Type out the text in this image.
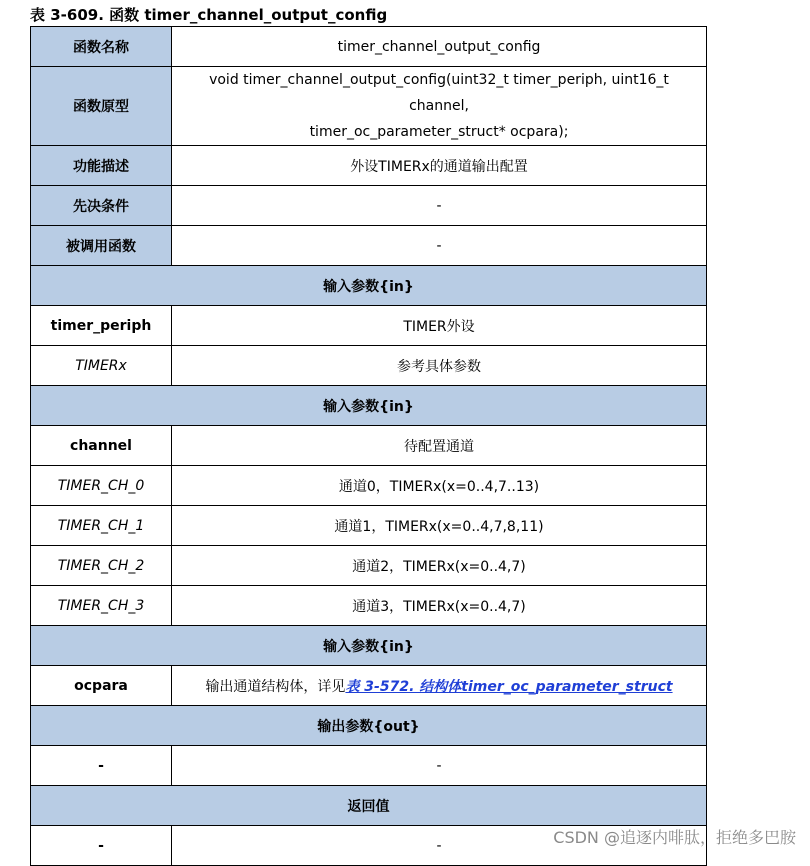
表 3-609. 函数 timer_channel_output_config
函数名称	timer_channel_output_config
函数原型	void timer_channel_output_config(uint32_t timer_periph, uint16_t channel,
timer_oc_parameter_struct* ocpara);

功能描述	外设TIMERx的通道输出配置
先决条件	-
被调用函数	-
输入参数{in}	
timer_periph	TIMER外设
TIMERx	参考具体参数
输入参数{in}	
channel	待配置通道
TIMER_CH_0	通道0，TIMERx(x=0..4,7..13)
TIMER_CH_1	通道1，TIMERx(x=0..4,7,8,11)
TIMER_CH_2	通道2，TIMERx(x=0..4,7)
TIMER_CH_3	通道3，TIMERx(x=0..4,7)
输入参数{in}	
ocpara	输出通道结构体，详见表 3-572. 结构体timer_oc_parameter_struct
输出参数{out}	
-	-
返回值	
-	-	CSDN @追逐内啡肽，拒绝多巴胺
